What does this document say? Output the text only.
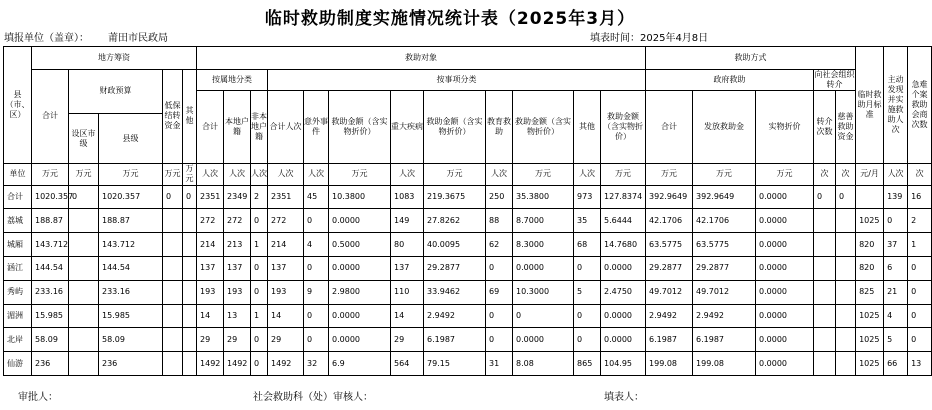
临时救助制度实施情况统计表（2025年3月）
填报单位（盖章）： 莆田市民政局	填表时间：2025年4月8日
县（市、区）	地方筹资					救助对象												救助方式					临时救助月标准	主动发现并实施救助人次	急难个案救助会商次数
	合计	财政预算		低保结转资金	其他	按属地分类			按事项分类									政府救助			向社会组织转介				
						合计	本地户籍	非本地户籍	合计人次	意外事件	救助金额（含实物折价）	重大疾病	救助金额（含实物折价）	教育救助	救助金额（含实物折价）	其他	救助金额（含实物折价）	合计	发放救助金	实物折价	转介次数	慈善救助资金			
		设区市级	县级																						
单位	万元	万元	万元	万元	万元	人次	人次	人次	人次	人次	万元	人次	万元	人次	万元	人次	万元	万元	万元	万元	次	次	元/月	人次	次
合计	1020.357	0	1020.357	0	0	2351	2349	2	2351	45	10.3800	1083	219.3675	250	35.3800	973	127.8374	392.9649	392.9649	0.0000	0	0		139	16
荔城	188.87		188.87			272	272	0	272	0	0.0000	149	27.8262	88	8.7000	35	5.6444	42.1706	42.1706	0.0000			1025	0	2
城厢	143.712		143.712			214	213	1	214	4	0.5000	80	40.0095	62	8.3000	68	14.7680	63.5775	63.5775	0.0000			820	37	1
涵江	144.54		144.54			137	137	0	137	0	0.0000	137	29.2877	0	0.0000	0	0.0000	29.2877	29.2877	0.0000			820	6	0
秀屿	233.16		233.16			193	193	0	193	9	2.9800	110	33.9462	69	10.3000	5	2.4750	49.7012	49.7012	0.0000			825	21	0
湄洲	15.985		15.985			14	13	1	14	0	0.0000	14	2.9492	0	0	0	0.0000	2.9492	2.9492	0.0000			1025	4	0
北岸	58.09		58.09			29	29	0	29	0	0.0000	29	6.1987	0	0.0000	0	0.0000	6.1987	6.1987	0.0000			1025	5	0
仙游	236		236			1492	1492	0	1492	32	6.9	564	79.15	31	8.08	865	104.95	199.08	199.08	0.0000			1025	66	13
审批人：	社会救助科（处）审核人：	填表人：
